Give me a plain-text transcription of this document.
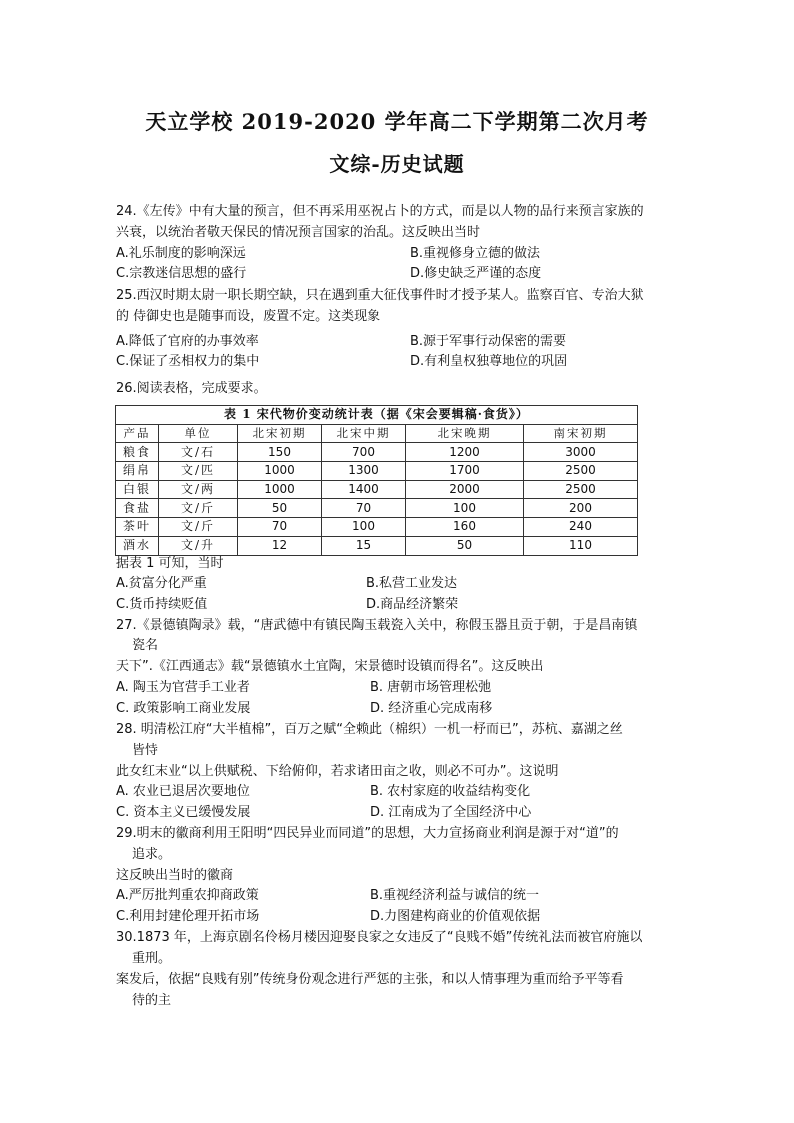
天立学校 2019-2020 学年高二下学期第二次月考
文综-历史试题
24.《左传》中有大量的预言，但不再采用巫祝占卜的方式，而是以人物的品行来预言家族的
兴衰，以统治者敬天保民的情况预言国家的治乱。这反映出当时
A.礼乐制度的影响深远	B.重视修身立德的做法
C.宗教迷信思想的盛行	D.修史缺乏严谨的态度
25.西汉时期太尉一职长期空缺，只在遇到重大征伐事件时才授予某人。监察百官、专治大狱
的 侍御史也是随事而设，废置不定。这类现象
A.降低了官府的办事效率	B.源于军事行动保密的需要
C.保证了丞相权力的集中	D.有利皇权独尊地位的巩固
26.阅读表格，完成要求。
表 1 宋代物价变动统计表（据《宋会要辑稿·食货》）					
产品	单位	北宋初期	北宋中期	北宋晚期	南宋初期
粮食	文/石	150	700	1200	3000
绢帛	文/匹	1000	1300	1700	2500
白银	文/两	1000	1400	2000	2500
食盐	文/斤	50	70	100	200
茶叶	文/斤	70	100	160	240
酒水	文/升	12	15	50	110
据表 1 可知，当时
A.贫富分化严重	B.私营工业发达
C.货币持续贬值	D.商品经济繁荣
27.《景德镇陶录》载，“唐武德中有镇民陶玉载瓷入关中，称假玉器且贡于朝，于是昌南镇
瓷名
天下”.《江西通志》载“景德镇水土宜陶，宋景德时设镇而得名”。这反映出
A. 陶玉为官营手工业者	B. 唐朝市场管理松弛
C. 政策影响工商业发展	D. 经济重心完成南移
28. 明清松江府“大半植棉”，百万之赋“全赖此（棉织）一机一杼而已”，苏杭、嘉湖之丝
皆恃
此女红末业“以上供赋税、下给俯仰，若求诸田亩之收，则必不可办”。这说明
A. 农业已退居次要地位	B. 农村家庭的收益结构变化
C. 资本主义已缓慢发展	D. 江南成为了全国经济中心
29.明末的徽商利用王阳明“四民异业而同道”的思想，大力宣扬商业利润是源于对“道”的
追求。
这反映出当时的徽商
A.严厉批判重农抑商政策	B.重视经济利益与诚信的统一
C.利用封建伦理开拓市场	D.力图建构商业的价值观依据
30.1873 年，上海京剧名伶杨月楼因迎娶良家之女违反了“良贱不婚”传统礼法而被官府施以
重刑。
案发后，依据“良贱有别”传统身份观念进行严惩的主张，和以人情事理为重而给予平等看
待的主
